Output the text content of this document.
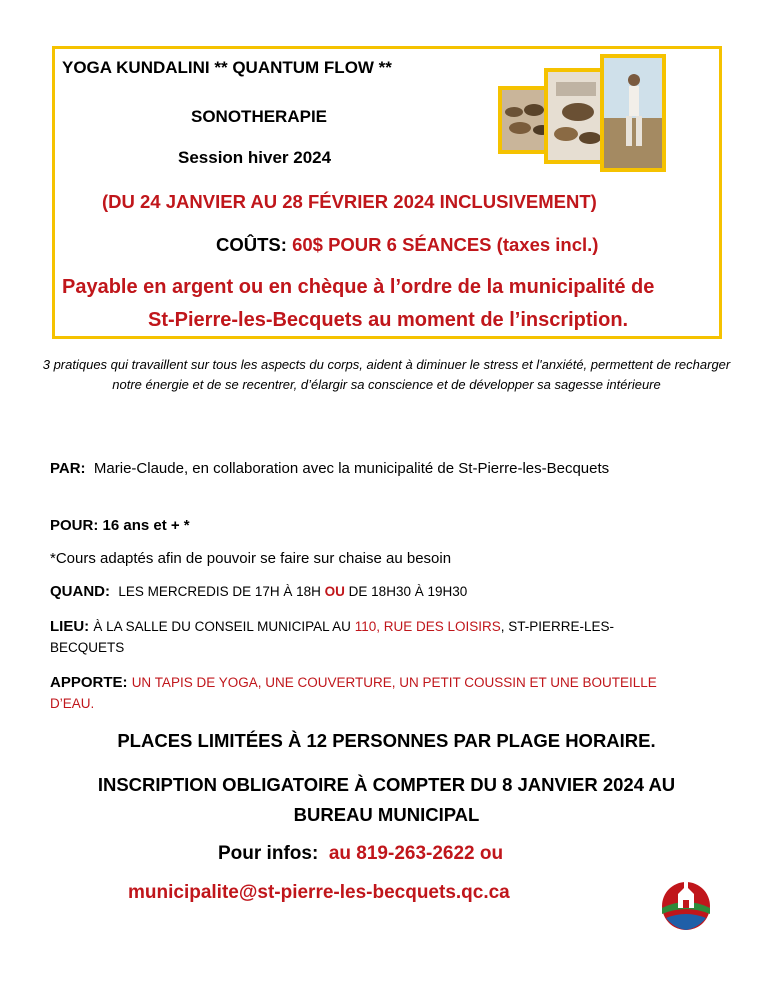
YOGA KUNDALINI ** QUANTUM FLOW **
SONOTHERAPIE
Session hiver 2024
(DU 24 JANVIER AU 28 FÉVRIER 2024 INCLUSIVEMENT)
COÛTS: 60$ POUR 6 SÉANCES (taxes incl.)
Payable en argent ou en chèque à l’ordre de la municipalité de
St-Pierre-les-Becquets au moment de l’inscription.
3 pratiques qui travaillent sur tous les aspects du corps, aident à diminuer le stress et l'anxiété, permettent de recharger notre énergie et de se recentrer, d’élargir sa conscience et de développer sa sagesse intérieure

PAR: Marie-Claude, en collaboration avec la municipalité de St-Pierre-les-Becquets

POUR: 16 ans et + *
*Cours adaptés afin de pouvoir se faire sur chaise au besoin

QUAND: LES MERCREDIS DE 17H À 18H OU DE 18H30 À 19H30

LIEU: À LA SALLE DU CONSEIL MUNICIPAL AU 110, RUE DES LOISIRS, ST-PIERRE-LES-BECQUETS

APPORTE: UN TAPIS DE YOGA, UNE COUVERTURE, UN PETIT COUSSIN ET UNE BOUTEILLE D’EAU.

PLACES LIMITÉES À 12 PERSONNES PAR PLAGE HORAIRE.
INSCRIPTION OBLIGATOIRE À COMPTER DU 8 JANVIER 2024 AU BUREAU MUNICIPAL
Pour infos: au 819-263-2622 ou
municipalite@st-pierre-les-becquets.qc.ca
